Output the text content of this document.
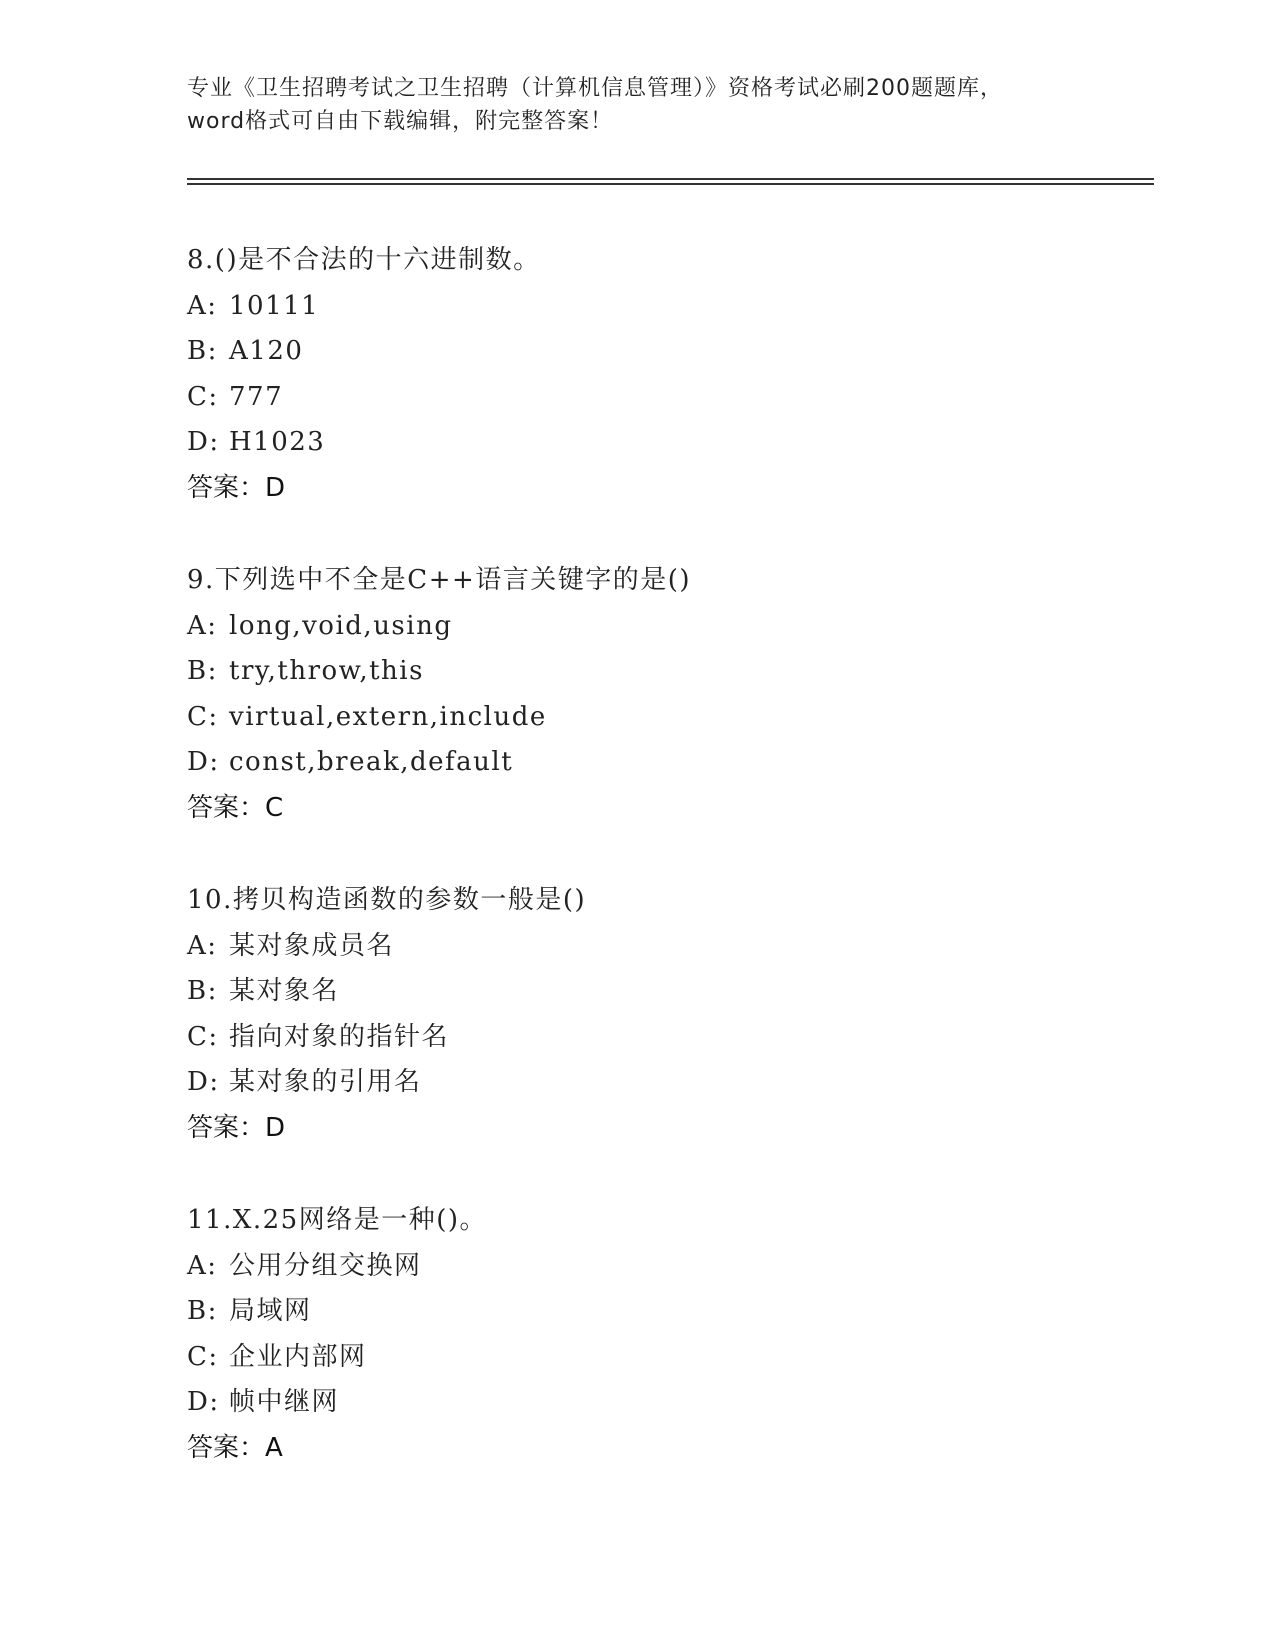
专业《卫生招聘考试之卫生招聘（计算机信息管理）》资格考试必刷200题题库，
word格式可自由下载编辑，附完整答案！
8.()是不合法的十六进制数。
A: 10111
B: A120
C: 777
D: H1023
答案：D
9.下列选中不全是C++语言关键字的是()
A: long,void,using
B: try,throw,this
C: virtual,extern,include
D: const,break,default
答案：C
10.拷贝构造函数的参数一般是()
A: 某对象成员名
B: 某对象名
C: 指向对象的指针名
D: 某对象的引用名
答案：D
11.X.25网络是一种()。
A: 公用分组交换网
B: 局域网
C: 企业内部网
D: 帧中继网
答案：A
